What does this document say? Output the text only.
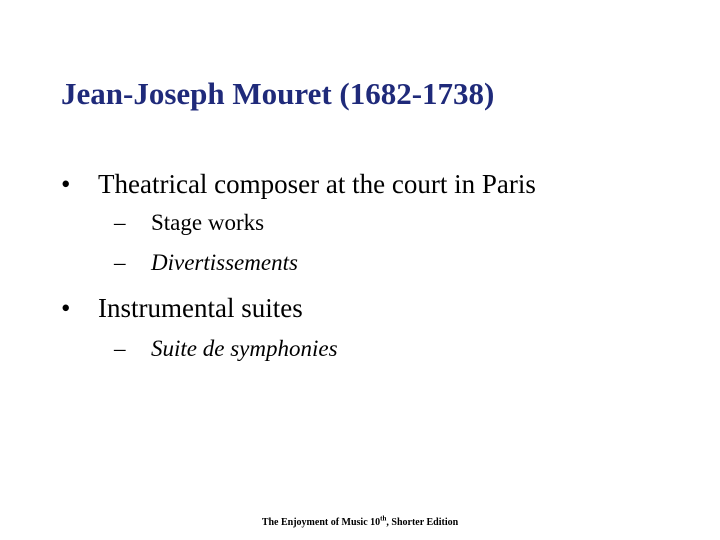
Jean-Joseph Mouret (1682-1738)
• Theatrical composer at the court in Paris
– Stage works
– Divertissements
• Instrumental suites
– Suite de symphonies
The Enjoyment of Music 10th, Shorter Edition
